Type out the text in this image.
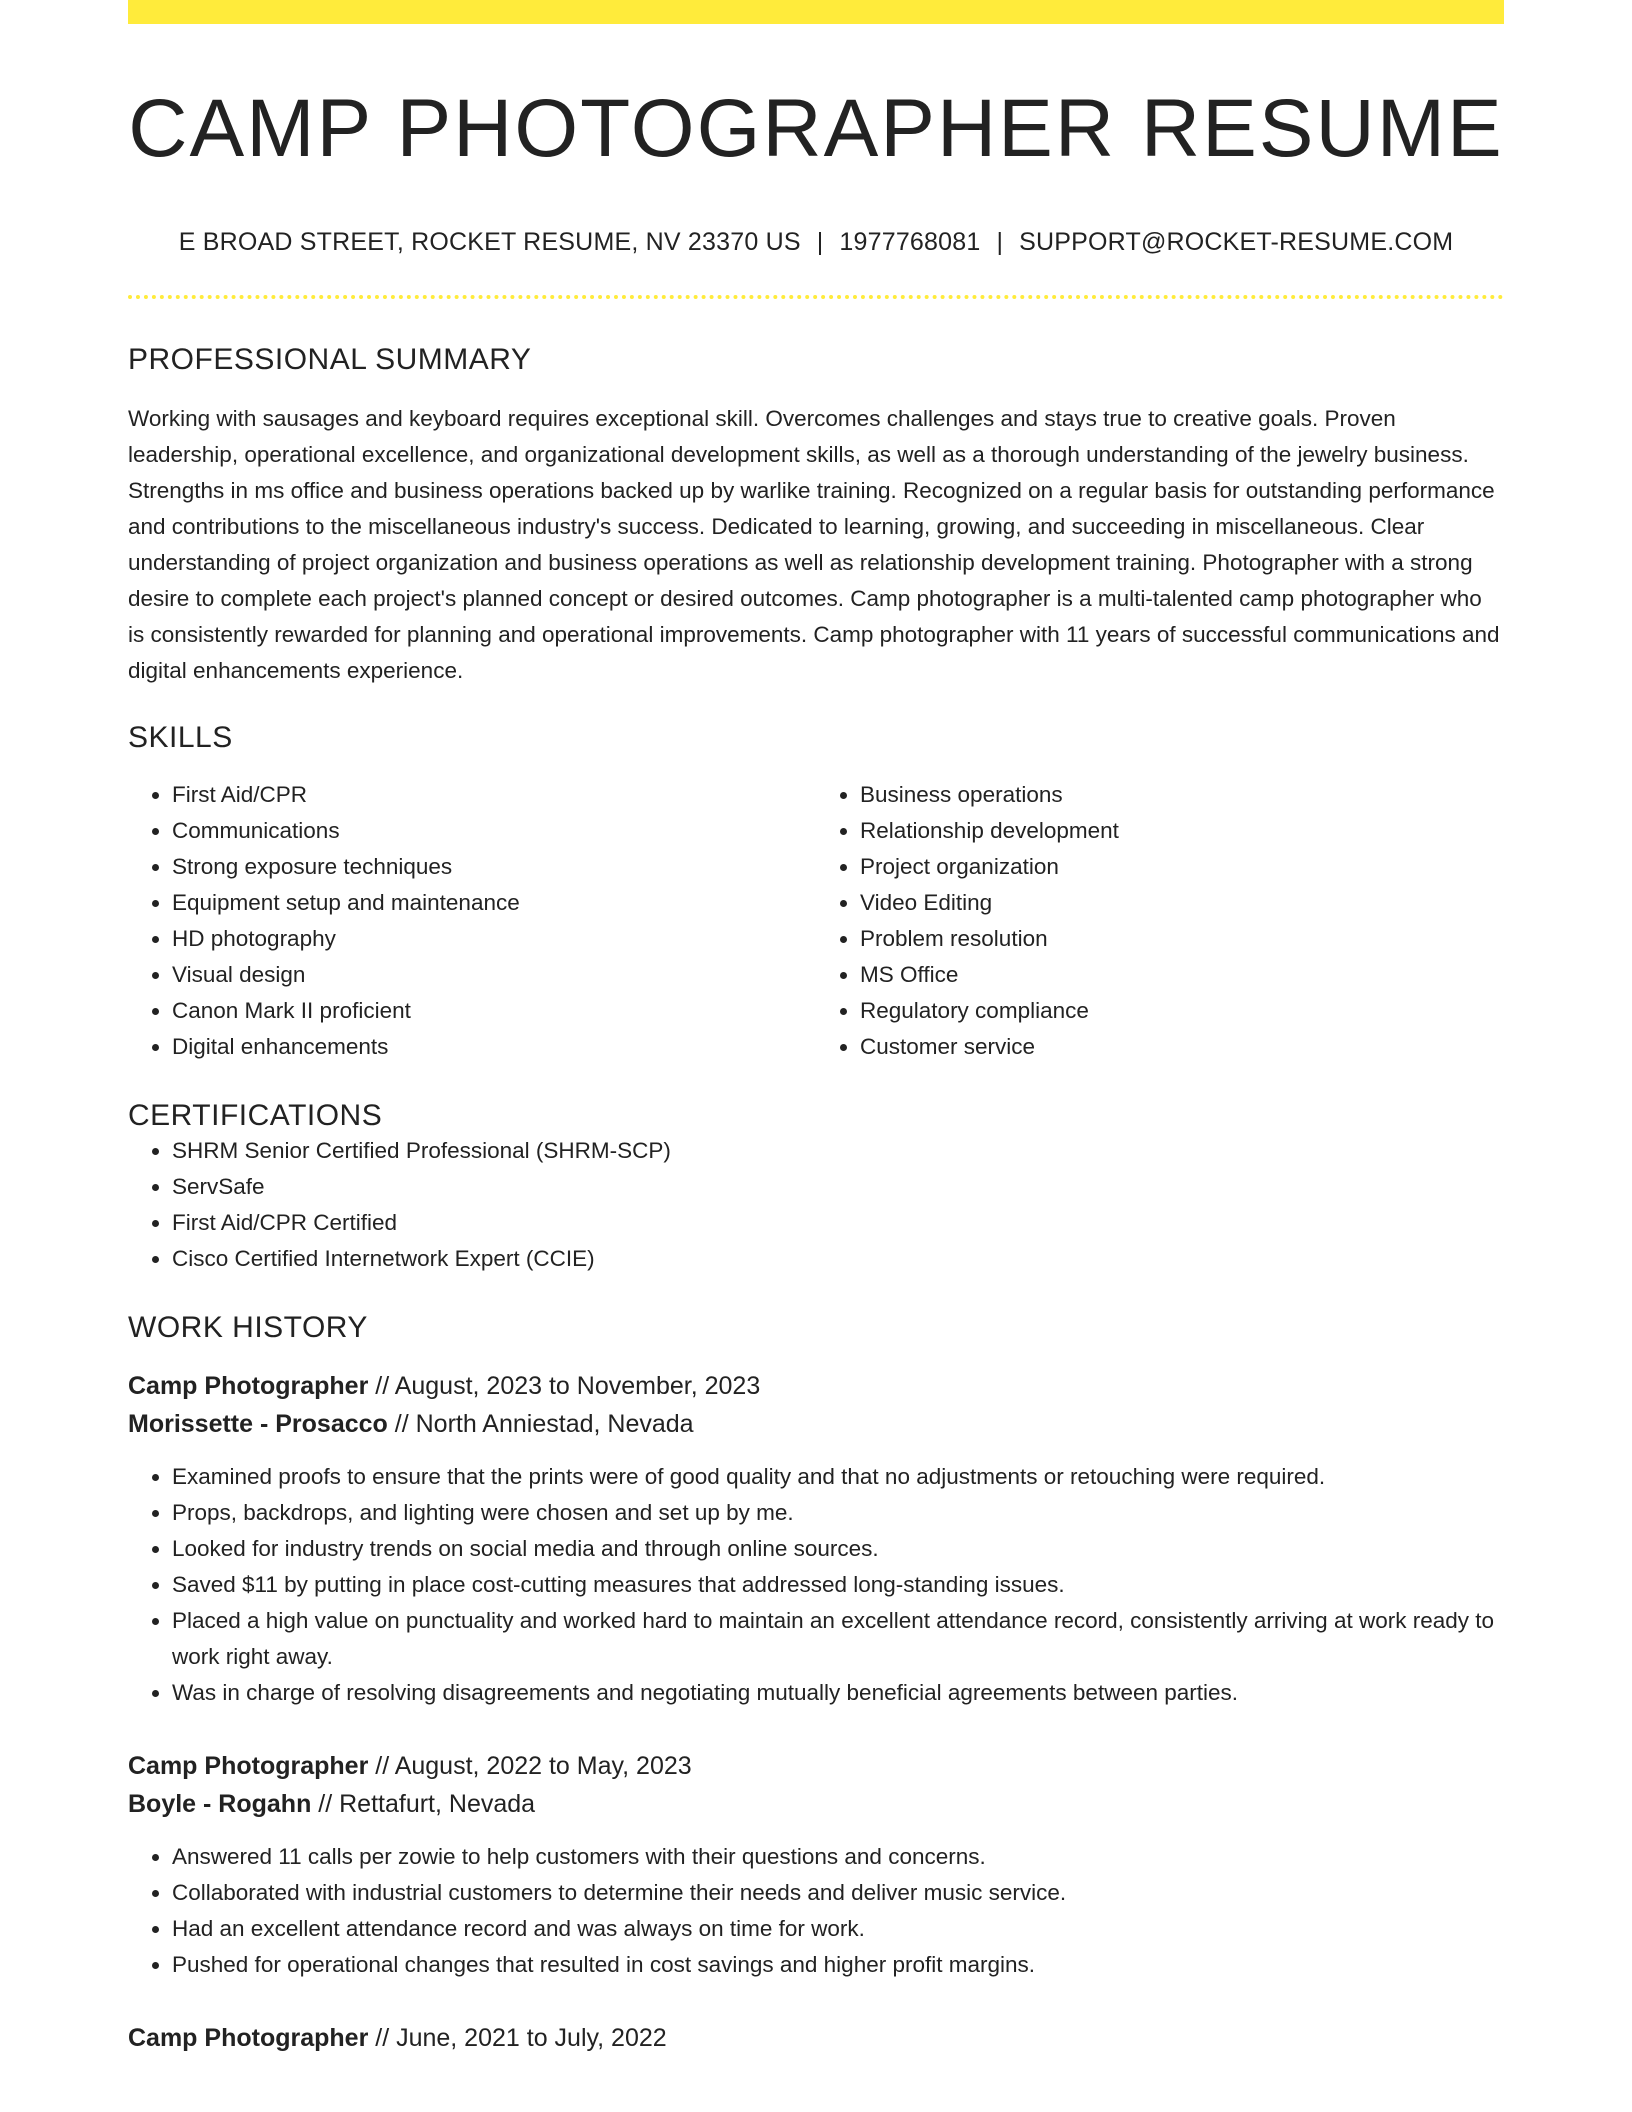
CAMP PHOTOGRAPHER RESUME
E BROAD STREET, ROCKET RESUME, NV 23370 US | 1977768081 | SUPPORT@ROCKET-RESUME.COM
PROFESSIONAL SUMMARY

Working with sausages and keyboard requires exceptional skill. Overcomes challenges and stays true to creative goals. Proven leadership, operational excellence, and organizational development skills, as well as a thorough understanding of the jewelry business. Strengths in ms office and business operations backed up by warlike training. Recognized on a regular basis for outstanding performance and contributions to the miscellaneous industry's success. Dedicated to learning, growing, and succeeding in miscellaneous. Clear understanding of project organization and business operations as well as relationship development training. Photographer with a strong desire to complete each project's planned concept or desired outcomes. Camp photographer is a multi-talented camp photographer who is consistently rewarded for planning and operational improvements. Camp photographer with 11 years of successful communications and digital enhancements experience.

SKILLS
• First Aid/CPR
• Communications
• Strong exposure techniques
• Equipment setup and maintenance
• HD photography
• Visual design
• Canon Mark II proficient
• Digital enhancements
• Business operations
• Relationship development
• Project organization
• Video Editing
• Problem resolution
• MS Office
• Regulatory compliance
• Customer service
CERTIFICATIONS
• SHRM Senior Certified Professional (SHRM-SCP)
• ServSafe
• First Aid/CPR Certified
• Cisco Certified Internetwork Expert (CCIE)
WORK HISTORY
Camp Photographer // August, 2023 to November, 2023
Morissette - Prosacco // North Anniestad, Nevada
• Examined proofs to ensure that the prints were of good quality and that no adjustments or retouching were required.
• Props, backdrops, and lighting were chosen and set up by me.
• Looked for industry trends on social media and through online sources.
• Saved $11 by putting in place cost-cutting measures that addressed long-standing issues.
• Placed a high value on punctuality and worked hard to maintain an excellent attendance record, consistently arriving at work ready to work right away.
• Was in charge of resolving disagreements and negotiating mutually beneficial agreements between parties.
Camp Photographer // August, 2022 to May, 2023
Boyle - Rogahn // Rettafurt, Nevada
• Answered 11 calls per zowie to help customers with their questions and concerns.
• Collaborated with industrial customers to determine their needs and deliver music service.
• Had an excellent attendance record and was always on time for work.
• Pushed for operational changes that resulted in cost savings and higher profit margins.
Camp Photographer // June, 2021 to July, 2022
